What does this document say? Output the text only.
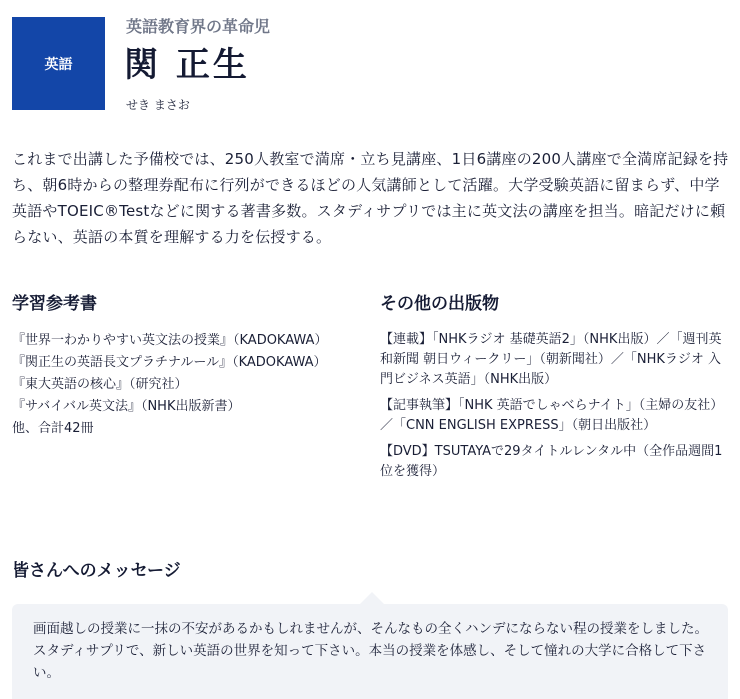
英語
英語教育界の革命児
関 正生
せき まさお

これまで出講した予備校では、250人教室で満席・立ち見講座、1日6講座の200人講座で全満席記録を持ち、朝6時からの整理券配布に行列ができるほどの人気講師として活躍。大学受験英語に留まらず、中学英語やTOEIC®Testなどに関する著書多数。スタディサプリでは主に英文法の講座を担当。暗記だけに頼らない、英語の本質を理解する力を伝授する。

学習参考書
『世界一わかりやすい英文法の授業』（KADOKAWA）
『関正生の英語長文プラチナルール』（KADOKAWA）
『東大英語の核心』（研究社）
『サバイバル英文法』（NHK出版新書）
他、合計42冊
その他の出版物
【連載】「NHKラジオ 基礎英語2」（NHK出版）／「週刊英和新聞 朝日ウィークリー」（朝新聞社）／「NHKラジオ 入門ビジネス英語」（NHK出版）
【記事執筆】「NHK 英語でしゃべらナイト」（主婦の友社）／「CNN ENGLISH EXPRESS」（朝日出版社）
【DVD】TSUTAYAで29タイトルレンタル中（全作品週間1位を獲得）
皆さんへのメッセージ
画面越しの授業に一抹の不安があるかもしれませんが、そんなもの全くハンデにならない程の授業をしました。スタディサプリで、新しい英語の世界を知って下さい。本当の授業を体感し、そして憧れの大学に合格して下さい。
